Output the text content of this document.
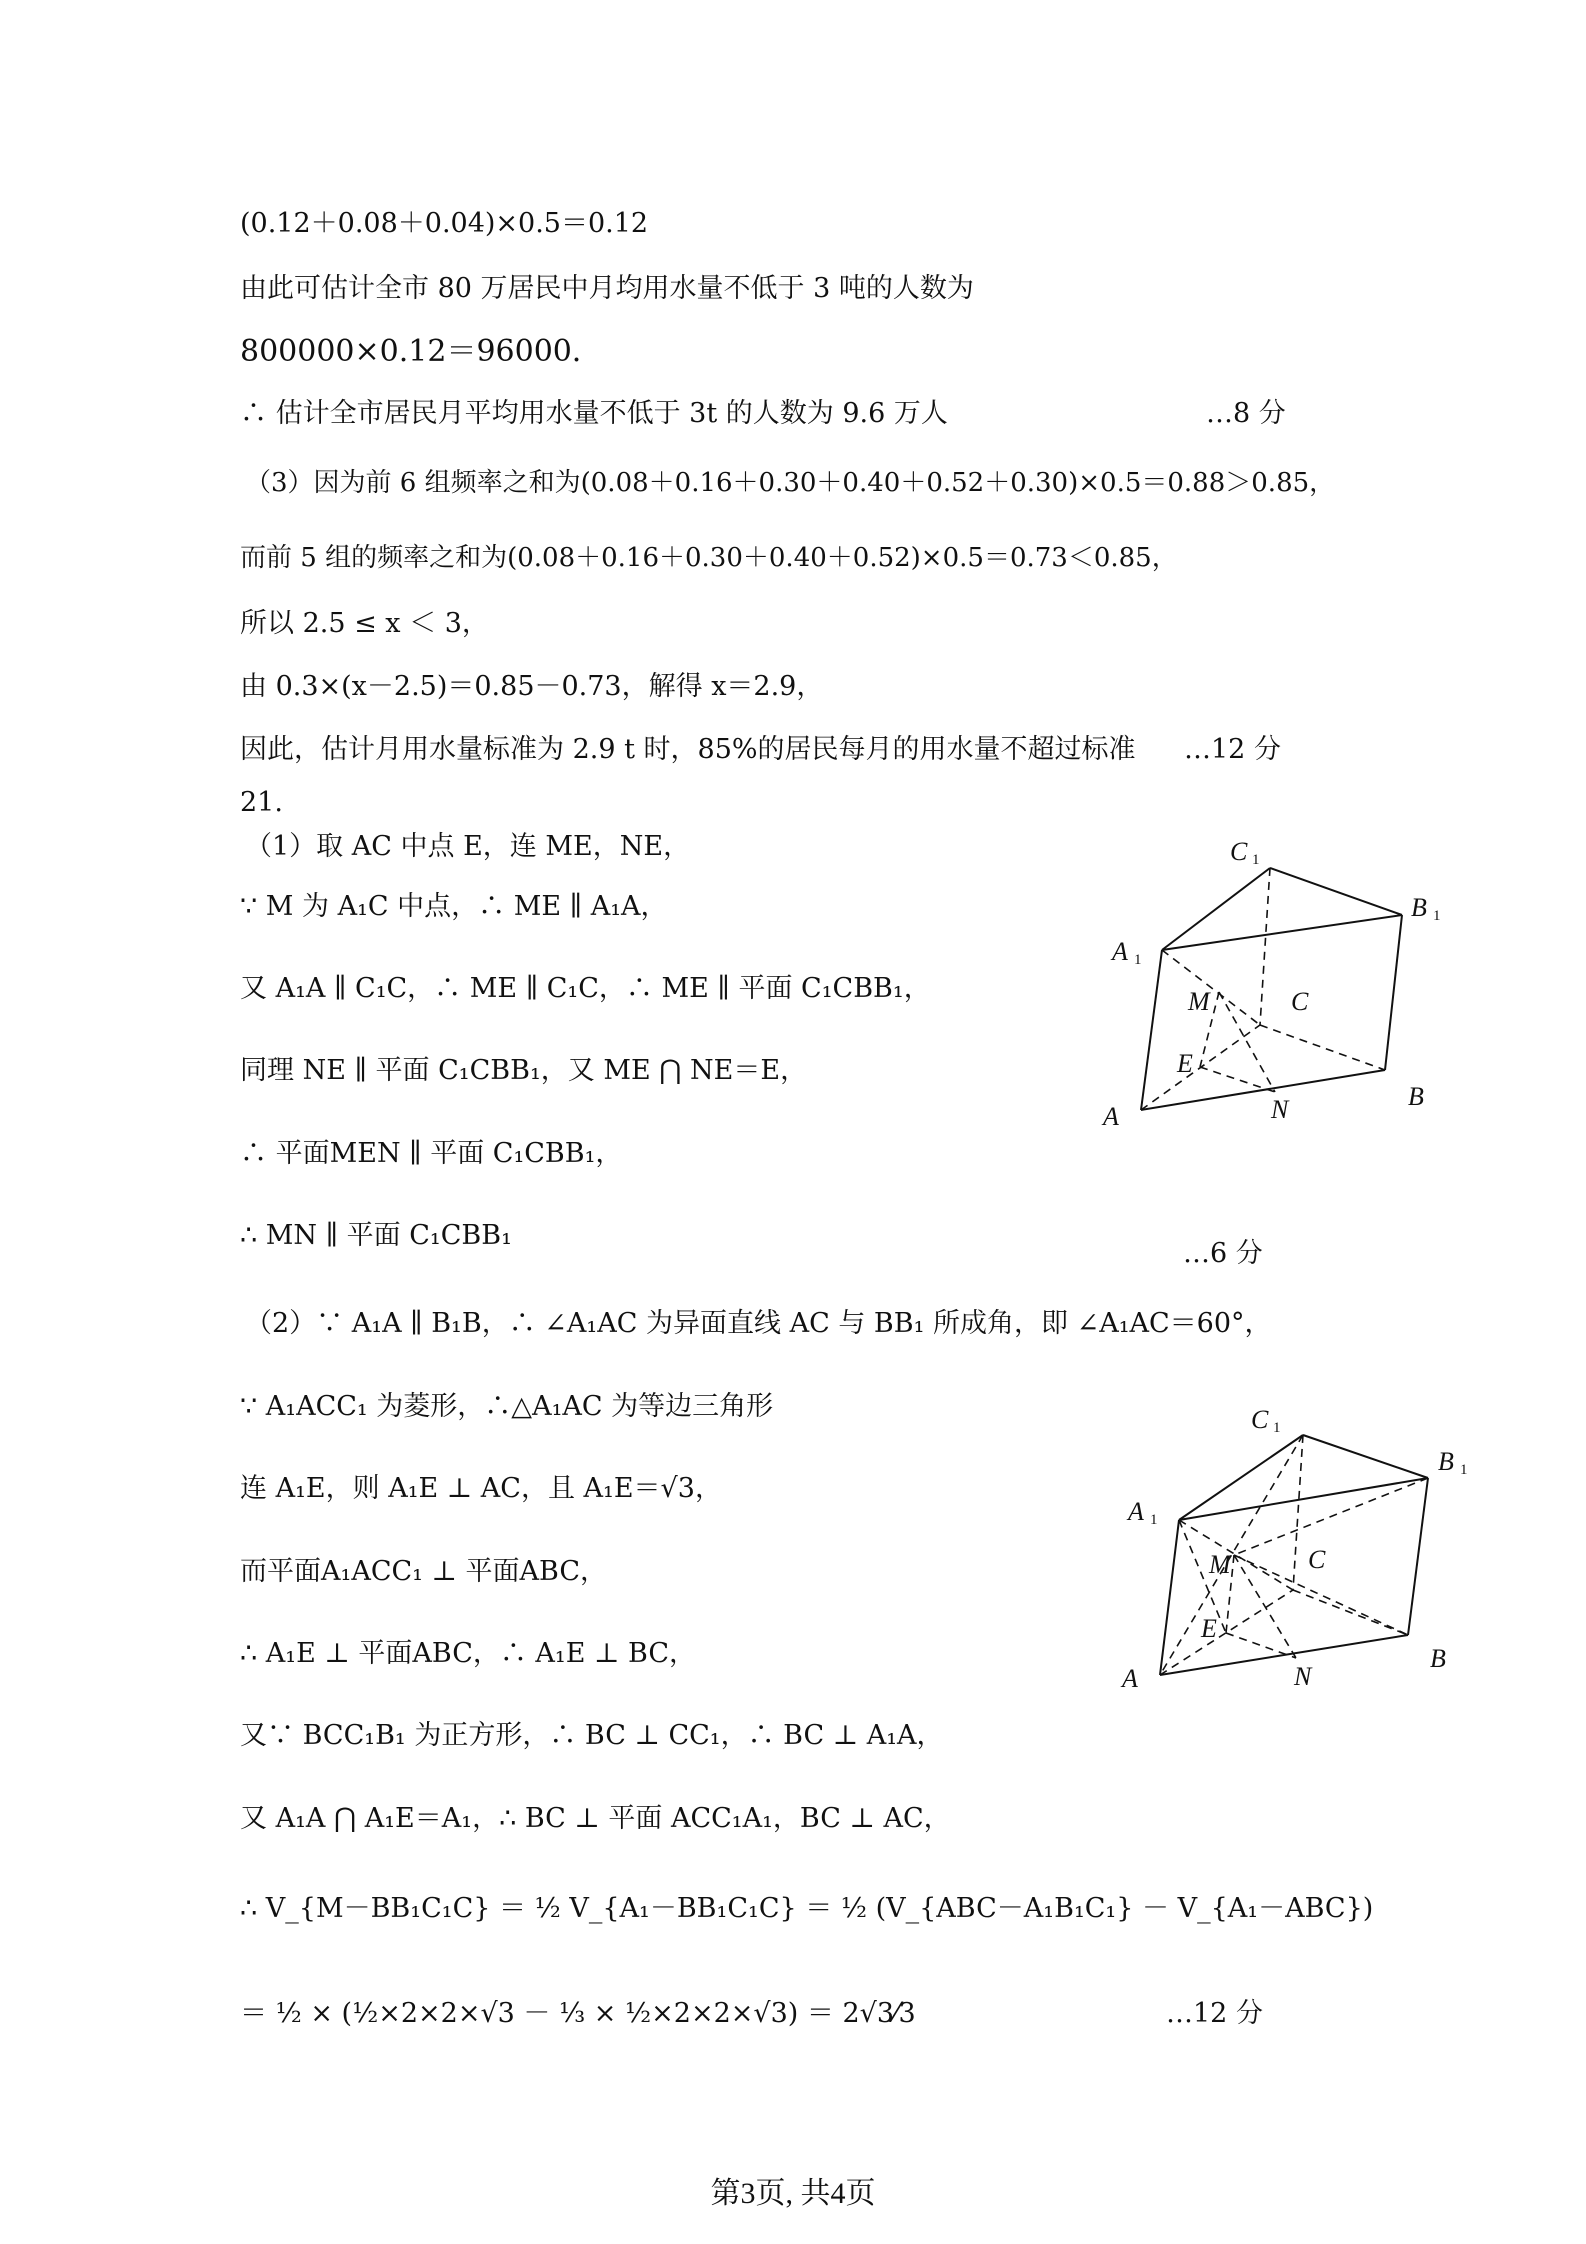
(0.12＋0.08＋0.04)×0.5＝0.12
由此可估计全市 80 万居民中月均用水量不低于 3 吨的人数为
800000×0.12＝96000．
∴ 估计全市居民月平均用水量不低于 3t 的人数为 9.6 万人	…8 分
（3）因为前 6 组频率之和为(0.08＋0.16＋0.30＋0.40＋0.52＋0.30)×0.5＝0.88＞0.85，
而前 5 组的频率之和为(0.08＋0.16＋0.30＋0.40＋0.52)×0.5＝0.73＜0.85，
所以 2.5 ≤ x ＜ 3，
由 0.3×(x－2.5)＝0.85－0.73，解得 x＝2.9，
因此，估计月用水量标准为 2.9 t 时，85%的居民每月的用水量不超过标准 …12 分
21.
（1）取 AC 中点 E，连 ME，NE，
∵ M 为 A₁C 中点，∴ ME ∥ A₁A，
又 A₁A ∥ C₁C，∴ ME ∥ C₁C，∴ ME ∥ 平面 C₁CBB₁，
同理 NE ∥ 平面 C₁CBB₁，又 ME ⋂ NE＝E，
∴ 平面MEN ∥ 平面 C₁CBB₁，
∴ MN ∥ 平面 C₁CBB₁
…6 分
（2）∵ A₁A ∥ B₁B，∴ ∠A₁AC 为异面直线 AC 与 BB₁ 所成角，即 ∠A₁AC＝60°，
∵ A₁ACC₁ 为菱形，∴△A₁AC 为等边三角形
连 A₁E，则 A₁E ⊥ AC，且 A₁E＝√3，
而平面A₁ACC₁ ⊥ 平面ABC，
∴ A₁E ⊥ 平面ABC，∴ A₁E ⊥ BC，
又∵ BCC₁B₁ 为正方形，∴ BC ⊥ CC₁，∴ BC ⊥ A₁A，
又 A₁A ⋂ A₁E＝A₁，∴ BC ⊥ 平面 ACC₁A₁，BC ⊥ AC，
∴ V_{M－BB₁C₁C} ＝ ½ V_{A₁－BB₁C₁C} ＝ ½ (V_{ABC－A₁B₁C₁} － V_{A₁－ABC})
＝ ½ × (½×2×2×√3 － ⅓ × ½×2×2×√3) ＝ 2√3⁄3	…12 分
C 1
B 1
A 1
M	C
E
A	N	B
C 1
B 1
A 1
M	C
E
A	N
B
第3页, 共4页
